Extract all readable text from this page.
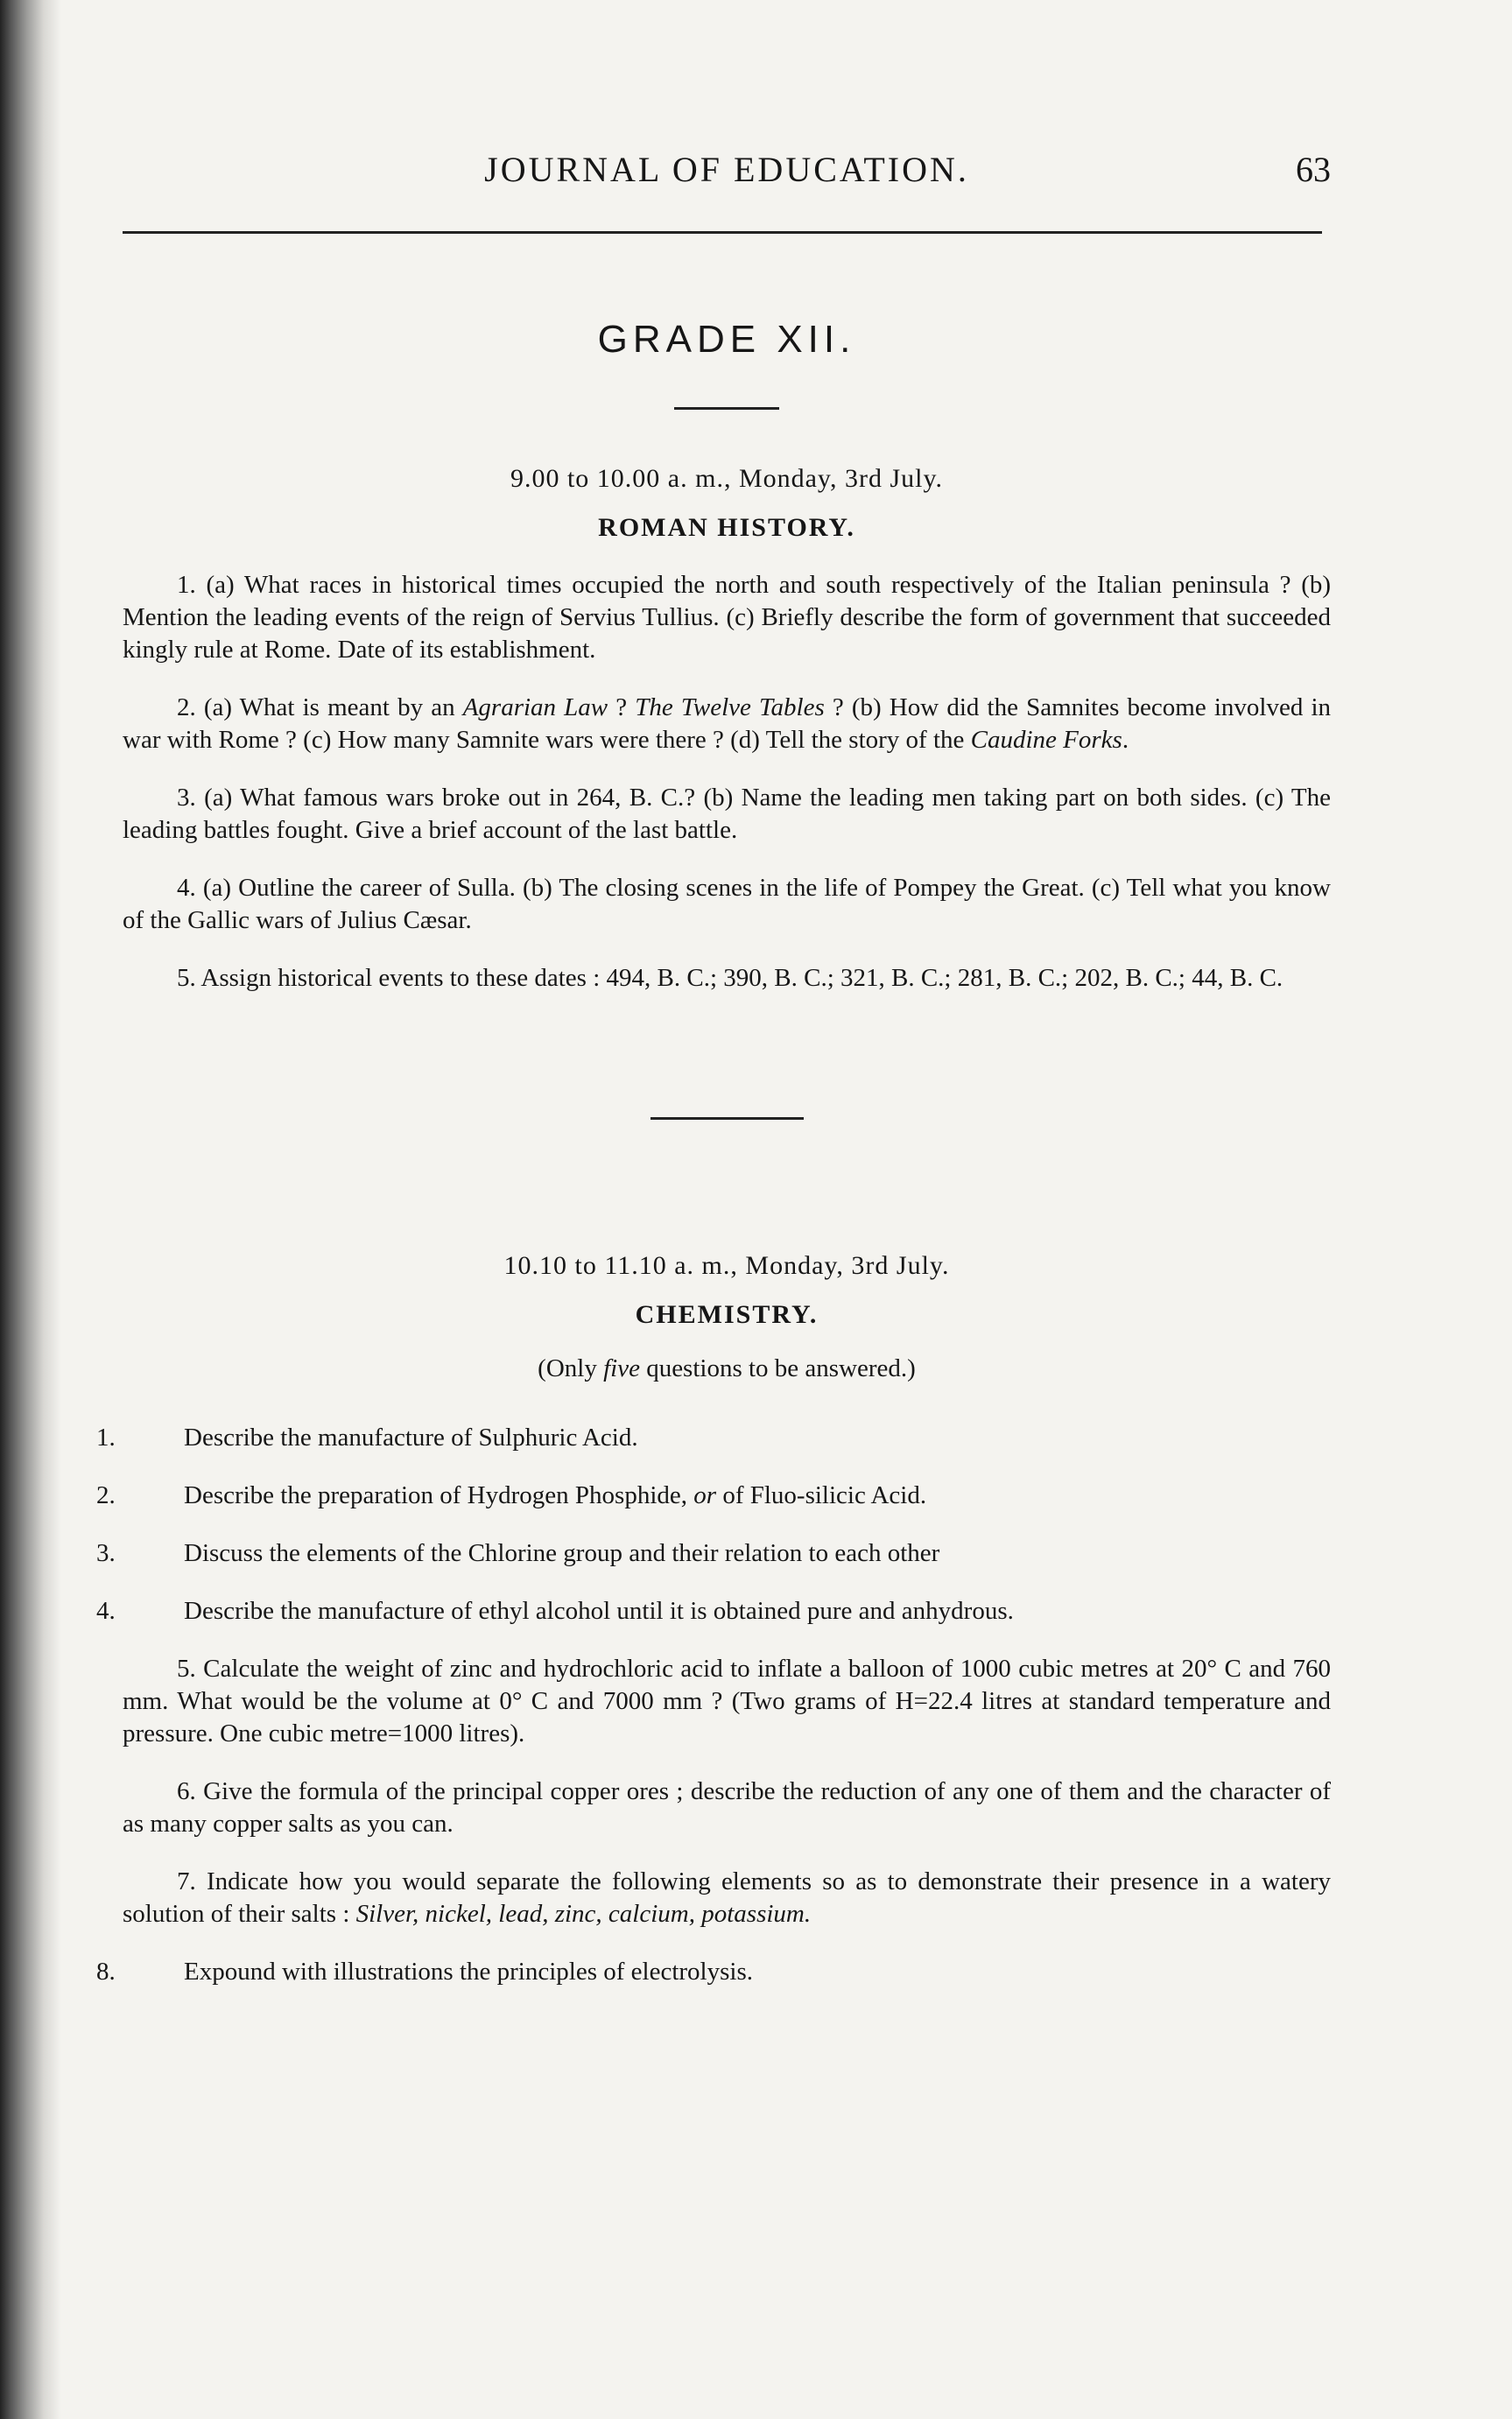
JOURNAL OF EDUCATION.	63
GRADE XII.
9.00 to 10.00 a. m., Monday, 3rd July.
ROMAN HISTORY.

1. (a) What races in historical times occupied the north and south respectively of the Italian peninsula ? (b) Mention the leading events of the reign of Servius Tullius. (c) Briefly describe the form of government that succeeded kingly rule at Rome. Date of its establishment.

2. (a) What is meant by an Agrarian Law ? The Twelve Tables ? (b) How did the Samnites become involved in war with Rome ? (c) How many Samnite wars were there ? (d) Tell the story of the Caudine Forks.

3. (a) What famous wars broke out in 264, B. C.? (b) Name the leading men taking part on both sides. (c) The leading battles fought. Give a brief account of the last battle.

4. (a) Outline the career of Sulla. (b) The closing scenes in the life of Pompey the Great. (c) Tell what you know of the Gallic wars of Julius Cæsar.

5. Assign historical events to these dates : 494, B. C.; 390, B. C.; 321, B. C.; 281, B. C.; 202, B. C.; 44, B. C.

10.10 to 11.10 a. m., Monday, 3rd July.
CHEMISTRY.
(Only five questions to be answered.)

1.	Describe the manufacture of Sulphuric Acid.

2.	Describe the preparation of Hydrogen Phosphide, or of Fluo-silicic Acid.

3.	Discuss the elements of the Chlorine group and their relation to each other

4.	Describe the manufacture of ethyl alcohol until it is obtained pure and anhydrous.

5. Calculate the weight of zinc and hydrochloric acid to inflate a balloon of 1000 cubic metres at 20° C and 760 mm. What would be the volume at 0° C and 7000 mm ? (Two grams of H=22.4 litres at standard temperature and pressure. One cubic metre=1000 litres).

6. Give the formula of the principal copper ores ; describe the reduction of any one of them and the character of as many copper salts as you can.

7. Indicate how you would separate the following elements so as to demonstrate their presence in a watery solution of their salts : Silver, nickel, lead, zinc, calcium, potassium.

8.	Expound with illustrations the principles of electrolysis.
